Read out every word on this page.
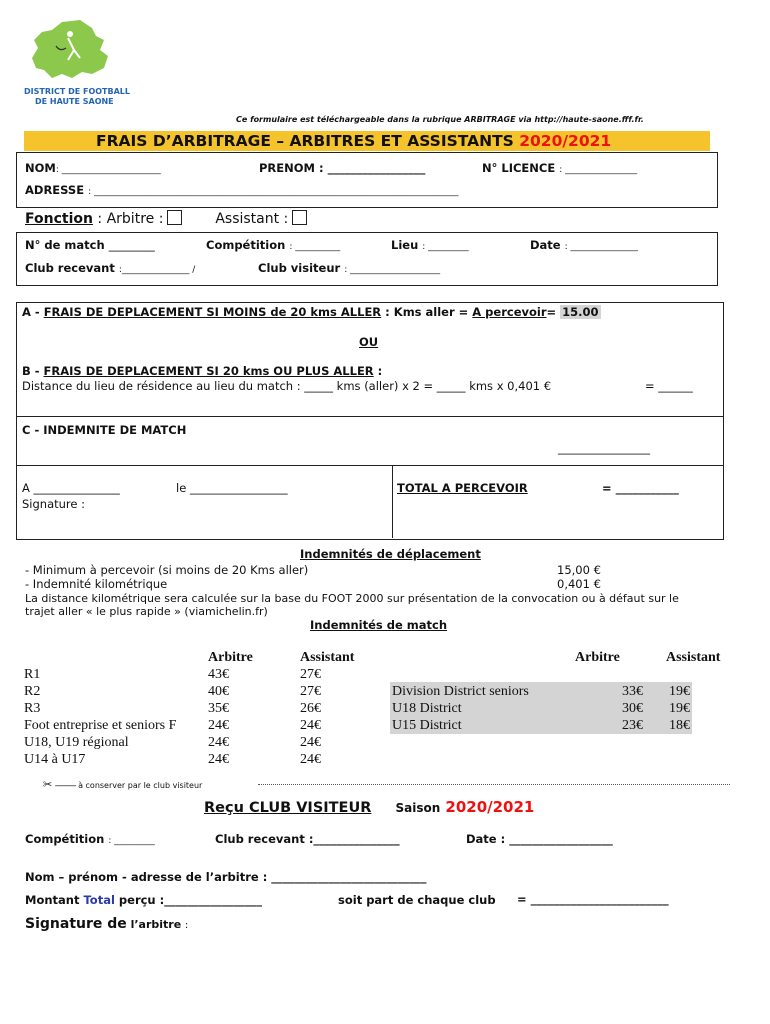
DISTRICT DE FOOTBALL
DE HAUTE SAONE
Ce formulaire est téléchargeable dans la rubrique ARBITRAGE via http://haute-saone.fff.fr.
FRAIS D’ARBITRAGE – ARBITRES ET ASSISTANTS 2020/2021
NOM: ______________________	PRENOM : _________________	N° LICENCE : ________________
ADRESSE : _________________________________________________________________________________
Fonction : Arbitre :	Assistant :
N° de match ________	Compétition : __________	Lieu : _________	Date : _______________
Club recevant :_______________ /	Club visiteur : ____________________
A - FRAIS DE DEPLACEMENT SI MOINS de 20 kms ALLER : Kms aller = A percevoir= 15.00
OU
B - FRAIS DE DEPLACEMENT SI 20 kms OU PLUS ALLER :
Distance du lieu de résidence au lieu du match : _____ kms (aller) x 2 = _____ kms x 0,401 €	= ______
C - INDEMNITE DE MATCH
________________
A _______________	le _________________
Signature :
TOTAL A PERCEVOIR	= ___________
Indemnités de déplacement
- Minimum à percevoir (si moins de 20 Kms aller)	15,00 €
- Indemnité kilométrique	0,401 €
La distance kilométrique sera calculée sur la base du FOOT 2000 sur présentation de la convocation ou à défaut sur le
trajet aller « le plus rapide » (viamichelin.fr)
Indemnités de match
Arbitre	Assistant	Arbitre	Assistant
R1	43€	27€
R2	40€	27€
R3	35€	26€
Foot entreprise et seniors F 24€	24€
U18, U19 régional	24€	24€
U14 à U17	24€	24€
Division District seniors	33€ 19€
U18 District	30€ 19€
U15 District	23€ 18€
✂ ----------- à conserver par le club visiteur
Reçu CLUB VISITEUR Saison 2020/2021
Compétition : _________	Club recevant :_______________	Date : __________________
Nom – prénom - adresse de l’arbitre : ___________________________
Montant Total perçu :_________________	soit part de chaque club = ________________________
Signature de l’arbitre :
